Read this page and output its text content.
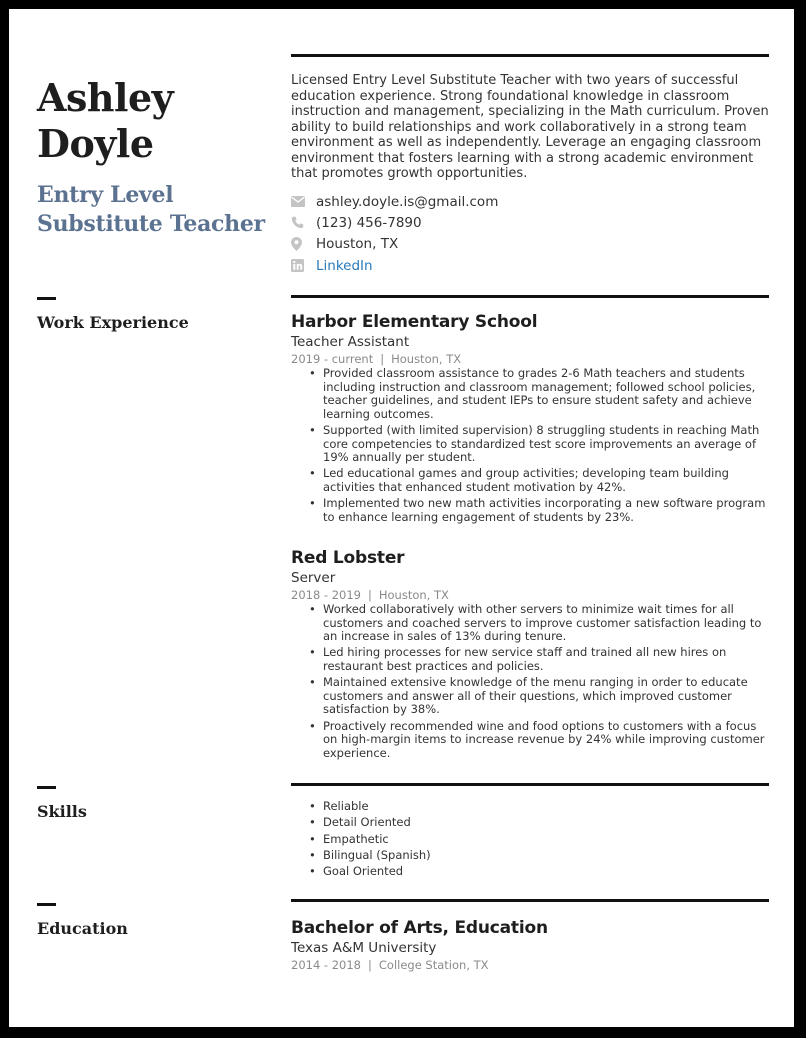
Ashley
Doyle
Entry Level
Substitute Teacher
Licensed Entry Level Substitute Teacher with two years of successful education experience. Strong foundational knowledge in classroom instruction and management, specializing in the Math curriculum. Proven ability to build relationships and work collaboratively in a strong team environment as well as independently. Leverage an engaging classroom environment that fosters learning with a strong academic environment that promotes growth opportunities.
ashley.doyle.is@gmail.com
(123) 456-7890
Houston, TX
LinkedIn
Work Experience	Harbor Elementary School
Teacher Assistant
2019 - current | Houston, TX
• Provided classroom assistance to grades 2-6 Math teachers and students including instruction and classroom management; followed school policies, teacher guidelines, and student IEPs to ensure student safety and achieve learning outcomes.
• Supported (with limited supervision) 8 struggling students in reaching Math core competencies to standardized test score improvements an average of 19% annually per student.
• Led educational games and group activities; developing team building activities that enhanced student motivation by 42%.
• Implemented two new math activities incorporating a new software program to enhance learning engagement of students by 23%.
Red Lobster
Server
2018 - 2019 | Houston, TX
• Worked collaboratively with other servers to minimize wait times for all customers and coached servers to improve customer satisfaction leading to an increase in sales of 13% during tenure.
• Led hiring processes for new service staff and trained all new hires on restaurant best practices and policies.
• Maintained extensive knowledge of the menu ranging in order to educate customers and answer all of their questions, which improved customer satisfaction by 38%.
• Proactively recommended wine and food options to customers with a focus on high-margin items to increase revenue by 24% while improving customer experience.
Skills
•	Reliable
• Detail Oriented
• Empathetic
• Bilingual (Spanish)
• Goal Oriented
Education	Bachelor of Arts, Education
Texas A&M University
2014 - 2018 | College Station, TX
